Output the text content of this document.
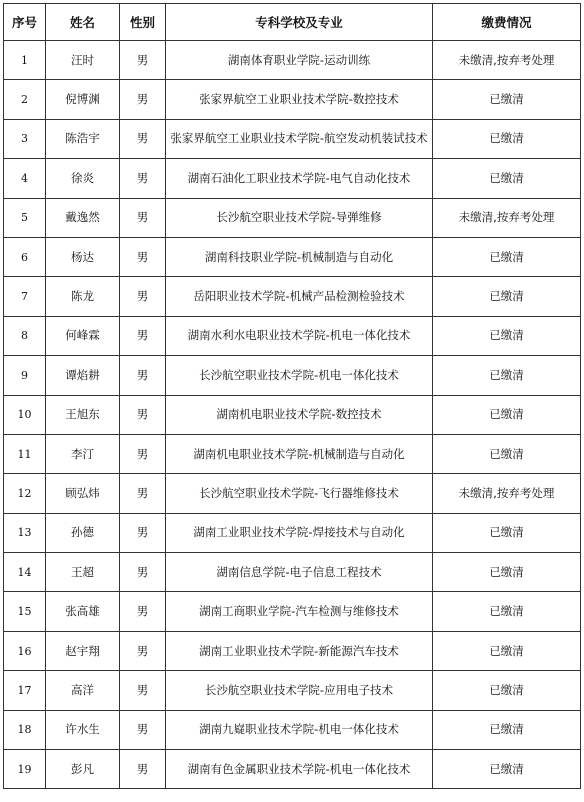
序号	姓名	性别	专科学校及专业	缴费情况
1	汪时	男	湖南体育职业学院-运动训练	未缴清,按弃考处理
2	倪博渊	男	张家界航空工业职业技术学院-数控技术	已缴清
3	陈浩宇	男	张家界航空工业职业技术学院-航空发动机装试技术	已缴清
4	徐炎	男	湖南石油化工职业技术学院-电气自动化技术	已缴清
5	戴逸然	男	长沙航空职业技术学院-导弹维修	未缴清,按弃考处理
6	杨达	男	湖南科技职业学院-机械制造与自动化	已缴清
7	陈龙	男	岳阳职业技术学院-机械产品检测检验技术	已缴清
8	何峰霖	男	湖南水利水电职业技术学院-机电一体化技术	已缴清
9	谭焰耕	男	长沙航空职业技术学院-机电一体化技术	已缴清
10	王旭东	男	湖南机电职业技术学院-数控技术	已缴清
11	李汀	男	湖南机电职业技术学院-机械制造与自动化	已缴清
12	顾弘炜	男	长沙航空职业技术学院-飞行器维修技术	未缴清,按弃考处理
13	孙德	男	湖南工业职业技术学院-焊接技术与自动化	已缴清
14	王超	男	湖南信息学院-电子信息工程技术	已缴清
15	张高雄	男	湖南工商职业学院-汽车检测与维修技术	已缴清
16	赵宇翔	男	湖南工业职业技术学院-新能源汽车技术	已缴清
17	高洋	男	长沙航空职业技术学院-应用电子技术	已缴清
18	许水生	男	湖南九嶷职业技术学院-机电一体化技术	已缴清
19	彭凡	男	湖南有色金属职业技术学院-机电一体化技术	已缴清
